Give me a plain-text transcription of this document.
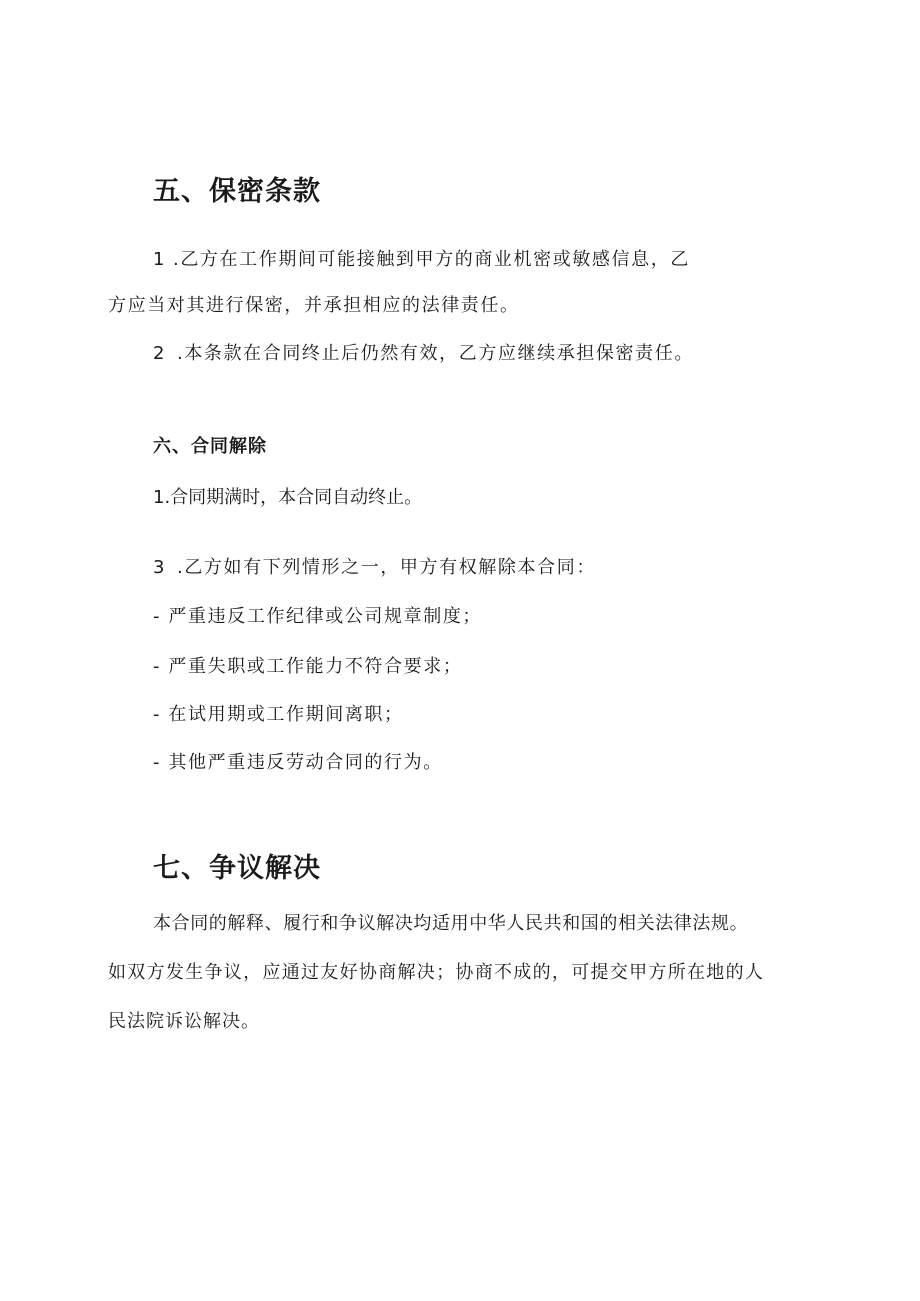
五、保密条款

1 .乙方在工作期间可能接触到甲方的商业机密或敏感信息，乙

方应当对其进行保密，并承担相应的法律责任。

2 .本条款在合同终止后仍然有效，乙方应继续承担保密责任。

六、合同解除

1.合同期满时，本合同自动终止。

3 .乙方如有下列情形之一，甲方有权解除本合同：

- 严重违反工作纪律或公司规章制度；

- 严重失职或工作能力不符合要求；

- 在试用期或工作期间离职；

- 其他严重违反劳动合同的行为。

七、争议解决

本合同的解释、履行和争议解决均适用中华人民共和国的相关法律法规。

如双方发生争议，应通过友好协商解决；协商不成的，可提交甲方所在地的人

民法院诉讼解决。
